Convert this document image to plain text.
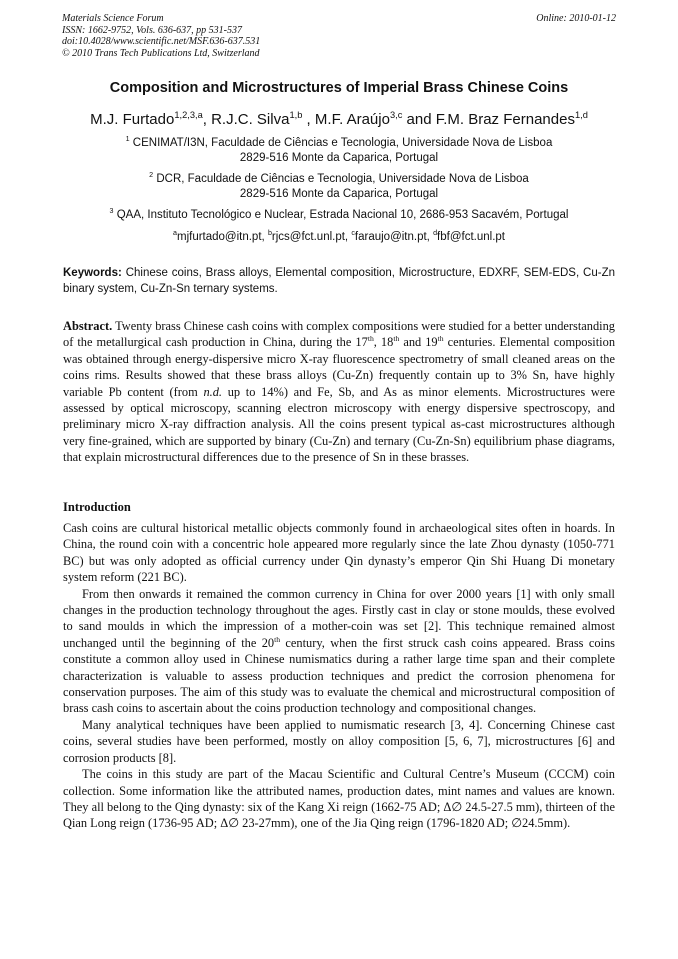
Materials Science Forum
ISSN: 1662-9752, Vols. 636-637, pp 531-537
doi:10.4028/www.scientific.net/MSF.636-637.531
© 2010 Trans Tech Publications Ltd, Switzerland
Online: 2010-01-12
Composition and Microstructures of Imperial Brass Chinese Coins
M.J. Furtado$^{1,2,3,a}$, R.J.C. Silva$^{1,b}$ , M.F. Araújo$^{3,c}$ and F.M. Braz Fernandes$^{1,d}$
$^1$ CENIMAT/I3N, Faculdade de Ciências e Tecnologia, Universidade Nova de Lisboa
2829-516 Monte da Caparica, Portugal
$^2$ DCR, Faculdade de Ciências e Tecnologia, Universidade Nova de Lisboa
2829-516 Monte da Caparica, Portugal
$^3$ QAA, Instituto Tecnológico e Nuclear, Estrada Nacional 10, 2686-953 Sacavém, Portugal
$^a$mjfurtado@itn.pt, $^b$rjcs@fct.unl.pt, $^c$faraujo@itn.pt, $^d$fbf@fct.unl.pt
Keywords: Chinese coins, Brass alloys, Elemental composition, Microstructure, EDXRF, SEM-EDS, Cu-Zn binary system, Cu-Zn-Sn ternary systems.
Abstract. Twenty brass Chinese cash coins with complex compositions were studied for a better understanding of the metallurgical cash production in China, during the 17th, 18th and 19th centuries. Elemental composition was obtained through energy-dispersive micro X-ray fluorescence spectrometry of small cleaned areas on the coins rims. Results showed that these brass alloys (Cu-Zn) frequently contain up to 3% Sn, have highly variable Pb content (from n.d. up to 14%) and Fe, Sb, and As as minor elements. Microstructures were assessed by optical microscopy, scanning electron microscopy with energy dispersive spectroscopy, and preliminary micro X-ray diffraction analysis. All the coins present typical as-cast microstructures although very fine-grained, which are supported by binary (Cu-Zn) and ternary (Cu-Zn-Sn) equilibrium phase diagrams, that explain microstructural differences due to the presence of Sn in these brasses.
Introduction

Cash coins are cultural historical metallic objects commonly found in archaeological sites often in hoards. In China, the round coin with a concentric hole appeared more regularly since the late Zhou dynasty (1050-771 BC) but was only adopted as official currency under Qin dynasty’s emperor Qin Shi Huang Di monetary system reform (221 BC).

From then onwards it remained the common currency in China for over 2000 years [1] with only small changes in the production technology throughout the ages. Firstly cast in clay or stone moulds, these evolved to sand moulds in which the impression of a mother-coin was set [2]. This technique remained almost unchanged until the beginning of the 20th century, when the first struck cash coins appeared. Brass coins constitute a common alloy used in Chinese numismatics during a rather large time span and their complete characterization is valuable to assess production techniques and predict the corrosion phenomena for conservation purposes. The aim of this study was to evaluate the chemical and microstructural composition of brass cash coins to ascertain about the coins production technology and compositional changes.

Many analytical techniques have been applied to numismatic research [3, 4]. Concerning Chinese cast coins, several studies have been performed, mostly on alloy composition [5, 6, 7], microstructures [6] and corrosion products [8].

The coins in this study are part of the Macau Scientific and Cultural Centre’s Museum (CCCM) coin collection. Some information like the attributed names, production dates, mint names and values are known. They all belong to the Qing dynasty: six of the Kang Xi reign (1662-75 AD; Δ∅ 24.5-27.5 mm), thirteen of the Qian Long reign (1736-95 AD; Δ∅ 23-27mm), one of the Jia Qing reign (1796-1820 AD; ∅24.5mm).
